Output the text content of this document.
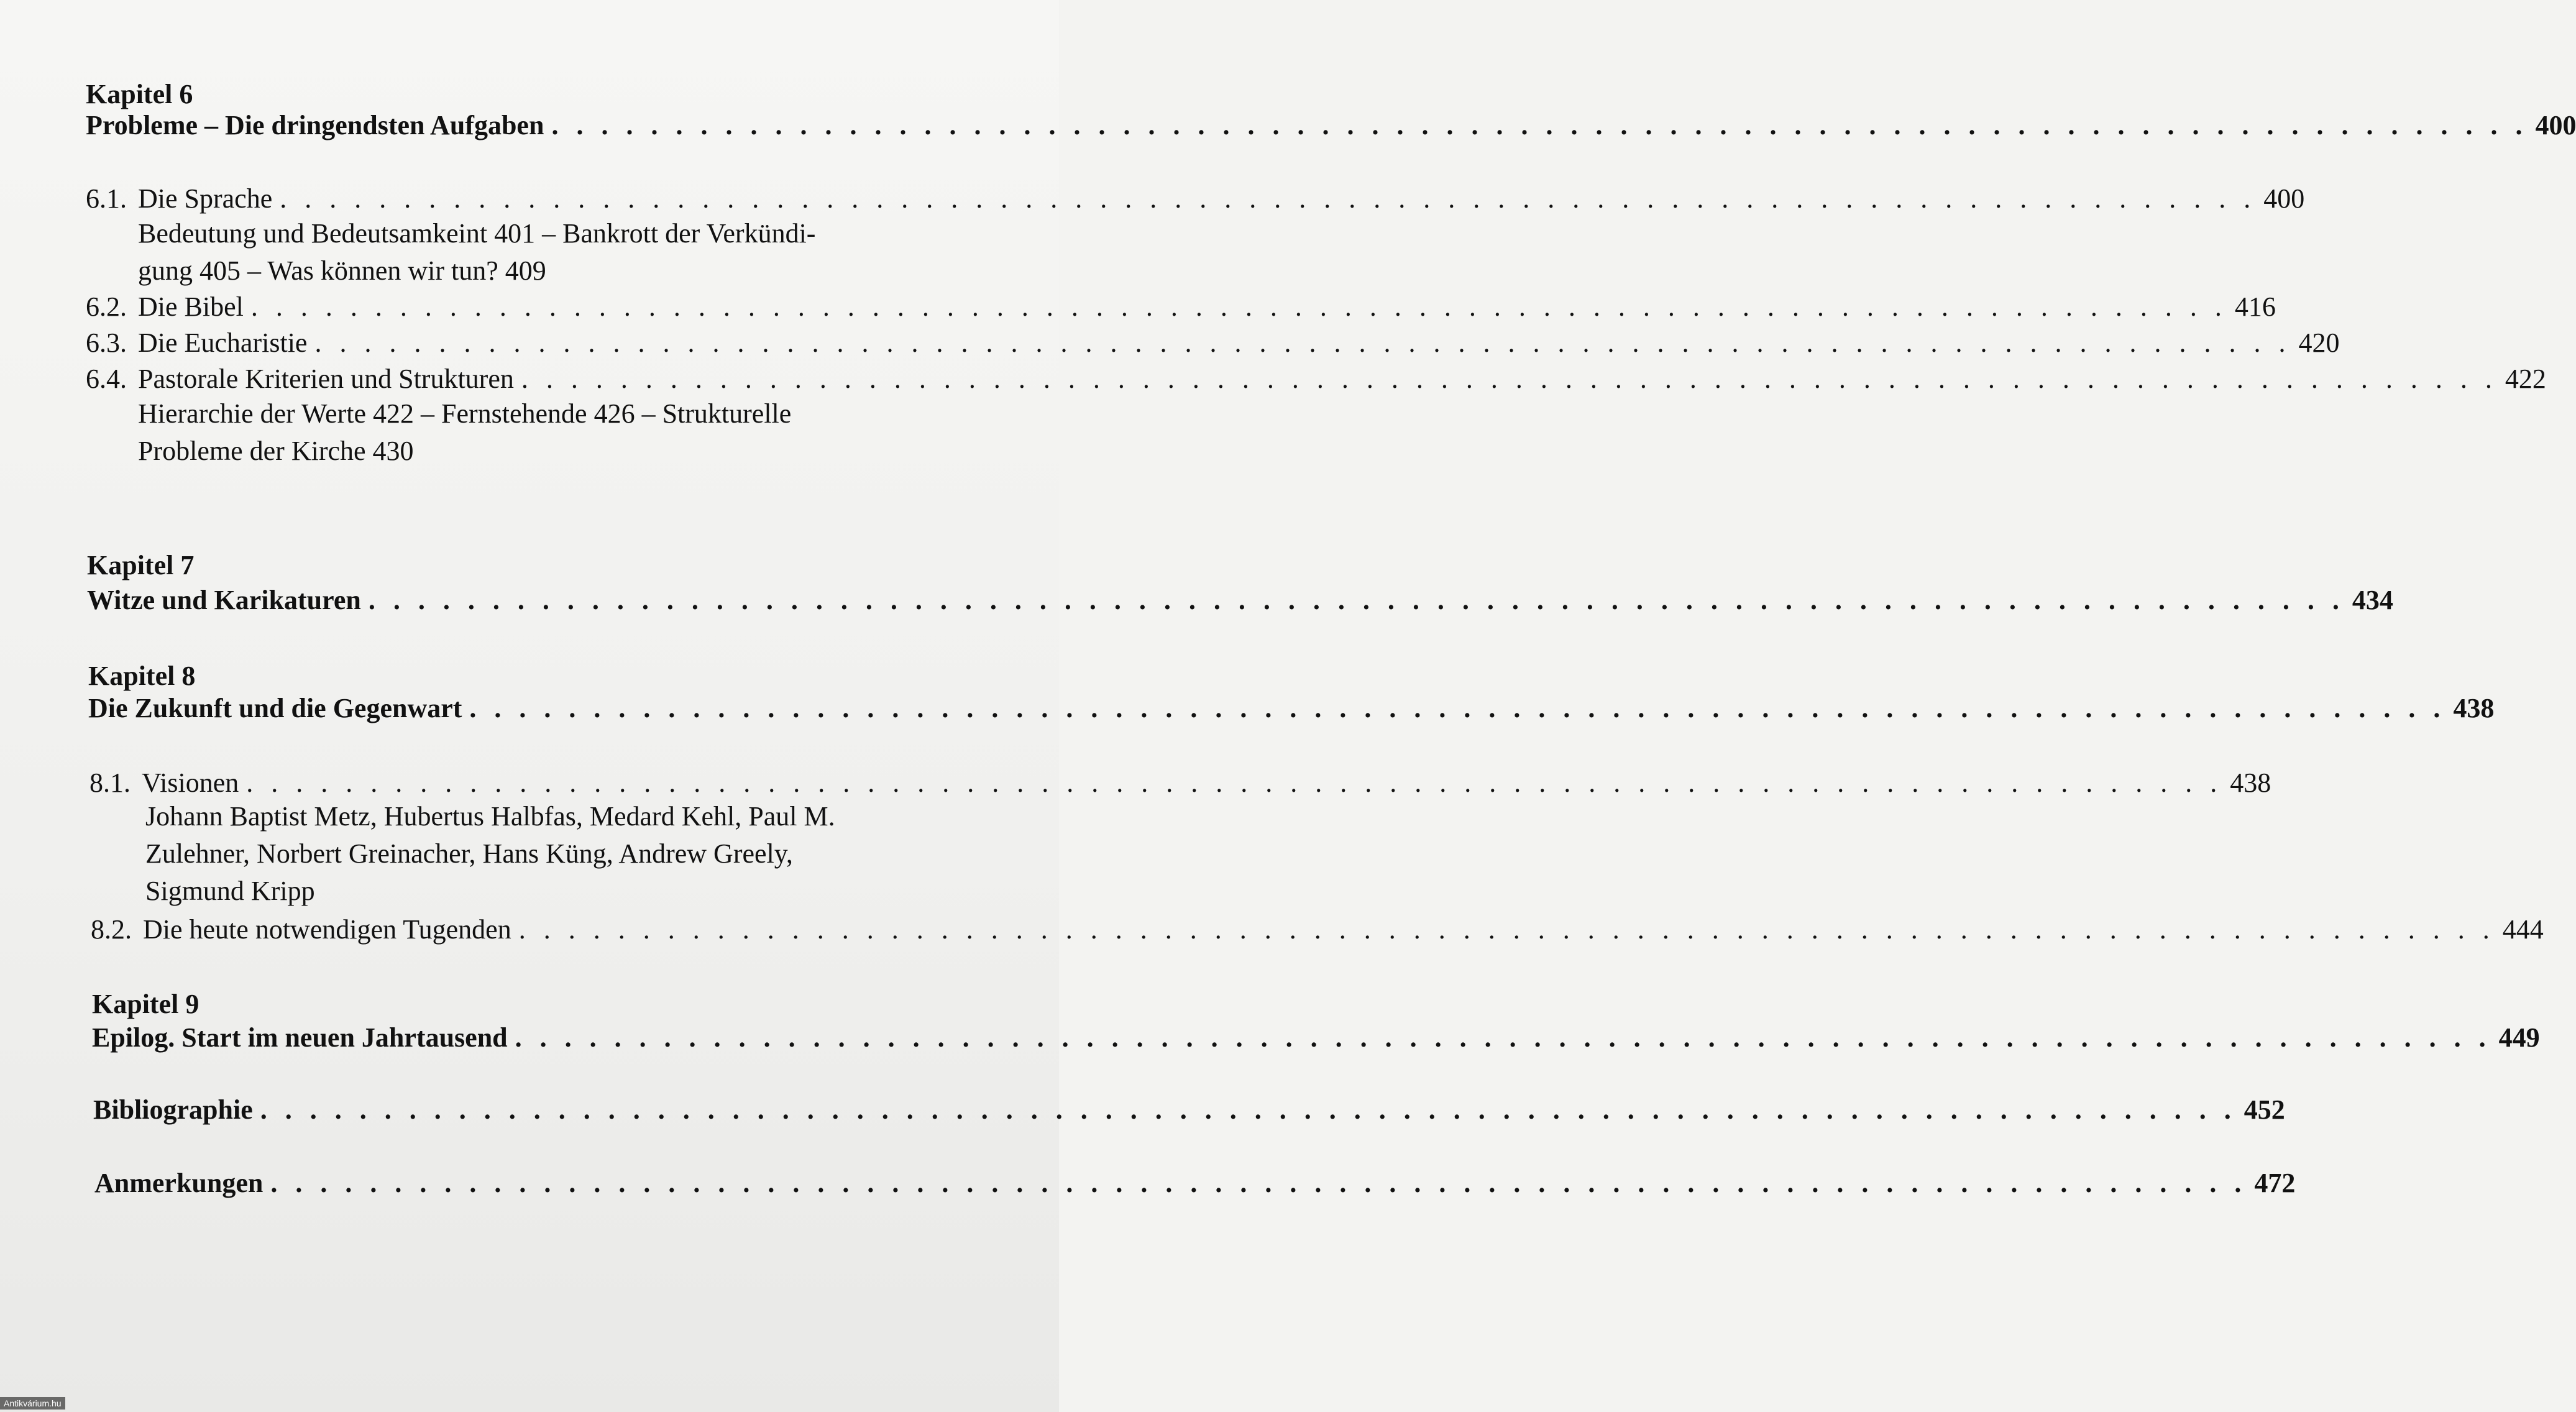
Kapitel 6
Probleme – Die dringendsten Aufgaben . . . . . . . . . . . . . . . . . . . . . . . . . . . . . . . . . . . . . . . . . . . . . . . . . . . . . . . . . . . . . . . . . . . . . . . . . . . . . . . . 400
6.1. Die Sprache . . . . . . . . . . . . . . . . . . . . . . . . . . . . . . . . . . . . . . . . . . . . . . . . . . . . . . . . . . . . . . . . . . . . . . . . . . . . . . . . 400
Bedeutung und Bedeutsamkeint 401 – Bankrott der Verkündi-
gung 405 – Was können wir tun? 409
6.2. Die Bibel . . . . . . . . . . . . . . . . . . . . . . . . . . . . . . . . . . . . . . . . . . . . . . . . . . . . . . . . . . . . . . . . . . . . . . . . . . . . . . . . 416
6.3. Die Eucharistie . . . . . . . . . . . . . . . . . . . . . . . . . . . . . . . . . . . . . . . . . . . . . . . . . . . . . . . . . . . . . . . . . . . . . . . . . . . . . . . . 420
6.4. Pastorale Kriterien und Strukturen . . . . . . . . . . . . . . . . . . . . . . . . . . . . . . . . . . . . . . . . . . . . . . . . . . . . . . . . . . . . . . . . . . . . . . . . . . . . . . . . 422
Hierarchie der Werte 422 – Fernstehende 426 – Strukturelle
Probleme der Kirche 430
Kapitel 7
Witze und Karikaturen . . . . . . . . . . . . . . . . . . . . . . . . . . . . . . . . . . . . . . . . . . . . . . . . . . . . . . . . . . . . . . . . . . . . . . . . . . . . . . . . 434
Kapitel 8
Die Zukunft und die Gegenwart . . . . . . . . . . . . . . . . . . . . . . . . . . . . . . . . . . . . . . . . . . . . . . . . . . . . . . . . . . . . . . . . . . . . . . . . . . . . . . . . 438
8.1. Visionen . . . . . . . . . . . . . . . . . . . . . . . . . . . . . . . . . . . . . . . . . . . . . . . . . . . . . . . . . . . . . . . . . . . . . . . . . . . . . . . . 438
Johann Baptist Metz, Hubertus Halbfas, Medard Kehl, Paul M.
Zulehner, Norbert Greinacher, Hans Küng, Andrew Greely,
Sigmund Kripp
8.2. Die heute notwendigen Tugenden . . . . . . . . . . . . . . . . . . . . . . . . . . . . . . . . . . . . . . . . . . . . . . . . . . . . . . . . . . . . . . . . . . . . . . . . . . . . . . . . 444
Kapitel 9
Epilog. Start im neuen Jahrtausend . . . . . . . . . . . . . . . . . . . . . . . . . . . . . . . . . . . . . . . . . . . . . . . . . . . . . . . . . . . . . . . . . . . . . . . . . . . . . . . . 449
Bibliographie . . . . . . . . . . . . . . . . . . . . . . . . . . . . . . . . . . . . . . . . . . . . . . . . . . . . . . . . . . . . . . . . . . . . . . . . . . . . . . . . 452
Anmerkungen . . . . . . . . . . . . . . . . . . . . . . . . . . . . . . . . . . . . . . . . . . . . . . . . . . . . . . . . . . . . . . . . . . . . . . . . . . . . . . . . 472
Antikvárium.hu
